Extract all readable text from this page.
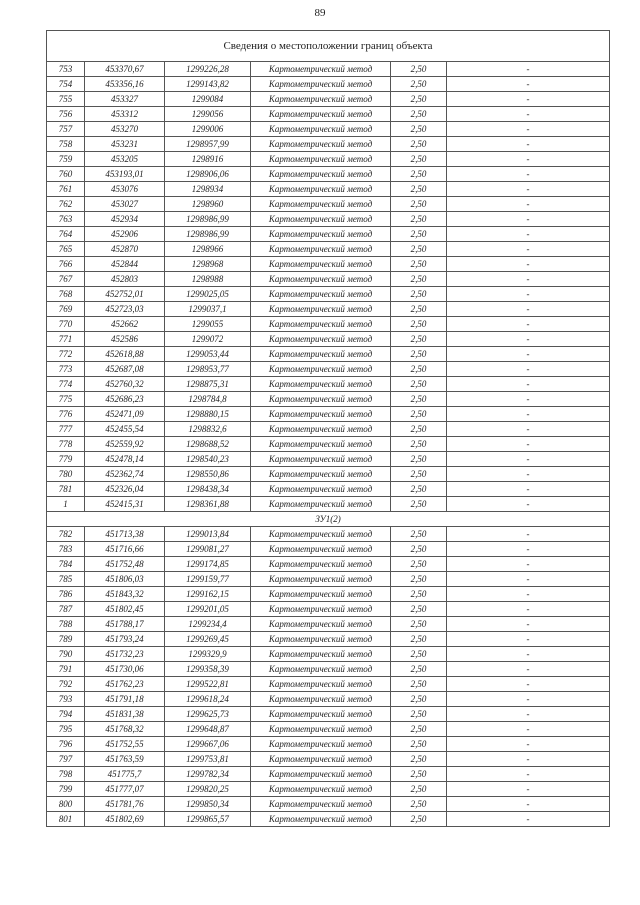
89
Сведения о местоположении границ объекта					
753	453370,67	1299226,28	Картометрический метод	2,50	-
754	453356,16	1299143,82	Картометрический метод	2,50	-
755	453327	1299084	Картометрический метод	2,50	-
756	453312	1299056	Картометрический метод	2,50	-
757	453270	1299006	Картометрический метод	2,50	-
758	453231	1298957,99	Картометрический метод	2,50	-
759	453205	1298916	Картометрический метод	2,50	-
760	453193,01	1298906,06	Картометрический метод	2,50	-
761	453076	1298934	Картометрический метод	2,50	-
762	453027	1298960	Картометрический метод	2,50	-
763	452934	1298986,99	Картометрический метод	2,50	-
764	452906	1298986,99	Картометрический метод	2,50	-
765	452870	1298966	Картометрический метод	2,50	-
766	452844	1298968	Картометрический метод	2,50	-
767	452803	1298988	Картометрический метод	2,50	-
768	452752,01	1299025,05	Картометрический метод	2,50	-
769	452723,03	1299037,1	Картометрический метод	2,50	-
770	452662	1299055	Картометрический метод	2,50	-
771	452586	1299072	Картометрический метод	2,50	-
772	452618,88	1299053,44	Картометрический метод	2,50	-
773	452687,08	1298953,77	Картометрический метод	2,50	-
774	452760,32	1298875,31	Картометрический метод	2,50	-
775	452686,23	1298784,8	Картометрический метод	2,50	-
776	452471,09	1298880,15	Картометрический метод	2,50	-
777	452455,54	1298832,6	Картометрический метод	2,50	-
778	452559,92	1298688,52	Картометрический метод	2,50	-
779	452478,14	1298540,23	Картометрический метод	2,50	-
780	452362,74	1298550,86	Картометрический метод	2,50	-
781	452326,04	1298438,34	Картометрический метод	2,50	-
1	452415,31	1298361,88	Картометрический метод	2,50	-
ЗУ1(2)					
782	451713,38	1299013,84	Картометрический метод	2,50	-
783	451716,66	1299081,27	Картометрический метод	2,50	-
784	451752,48	1299174,85	Картометрический метод	2,50	-
785	451806,03	1299159,77	Картометрический метод	2,50	-
786	451843,32	1299162,15	Картометрический метод	2,50	-
787	451802,45	1299201,05	Картометрический метод	2,50	-
788	451788,17	1299234,4	Картометрический метод	2,50	-
789	451793,24	1299269,45	Картометрический метод	2,50	-
790	451732,23	1299329,9	Картометрический метод	2,50	-
791	451730,06	1299358,39	Картометрический метод	2,50	-
792	451762,23	1299522,81	Картометрический метод	2,50	-
793	451791,18	1299618,24	Картометрический метод	2,50	-
794	451831,38	1299625,73	Картометрический метод	2,50	-
795	451768,32	1299648,87	Картометрический метод	2,50	-
796	451752,55	1299667,06	Картометрический метод	2,50	-
797	451763,59	1299753,81	Картометрический метод	2,50	-
798	451775,7	1299782,34	Картометрический метод	2,50	-
799	451777,07	1299820,25	Картометрический метод	2,50	-
800	451781,76	1299850,34	Картометрический метод	2,50	-
801	451802,69	1299865,57	Картометрический метод	2,50	-
